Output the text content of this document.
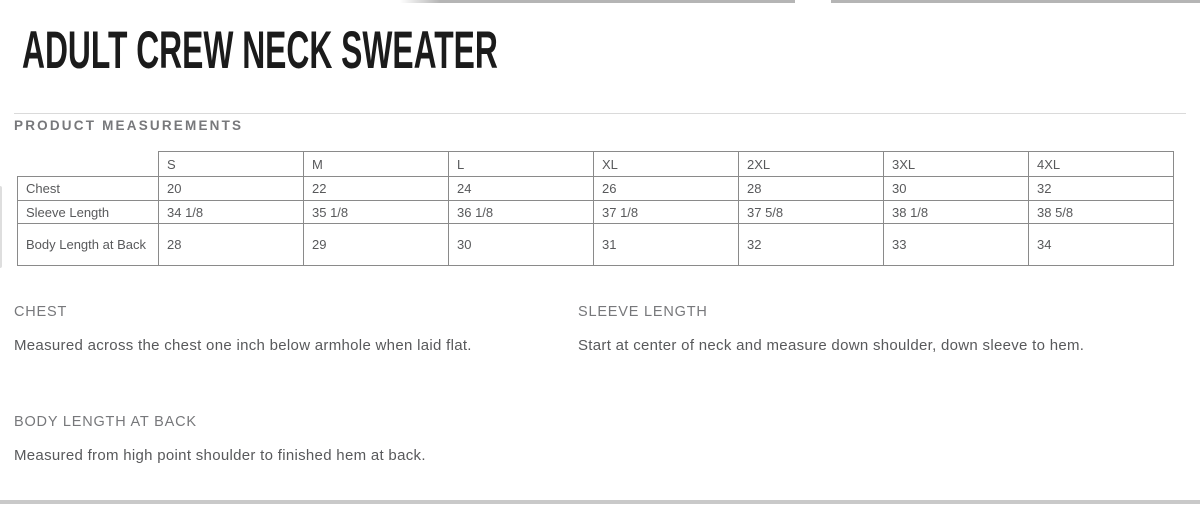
ADULT CREW NECK SWEATER
PRODUCT MEASUREMENTS
	S	M	L	XL	2XL	3XL	4XL
Chest	20	22	24	26	28	30	32
Sleeve Length	34 1/8	35 1/8	36 1/8	37 1/8	37 5/8	38 1/8	38 5/8
Body Length at Back	28	29	30	31	32	33	34
CHEST

Measured across the chest one inch below armhole when laid flat.

SLEEVE LENGTH

Start at center of neck and measure down shoulder, down sleeve to hem.

BODY LENGTH AT BACK

Measured from high point shoulder to finished hem at back.
